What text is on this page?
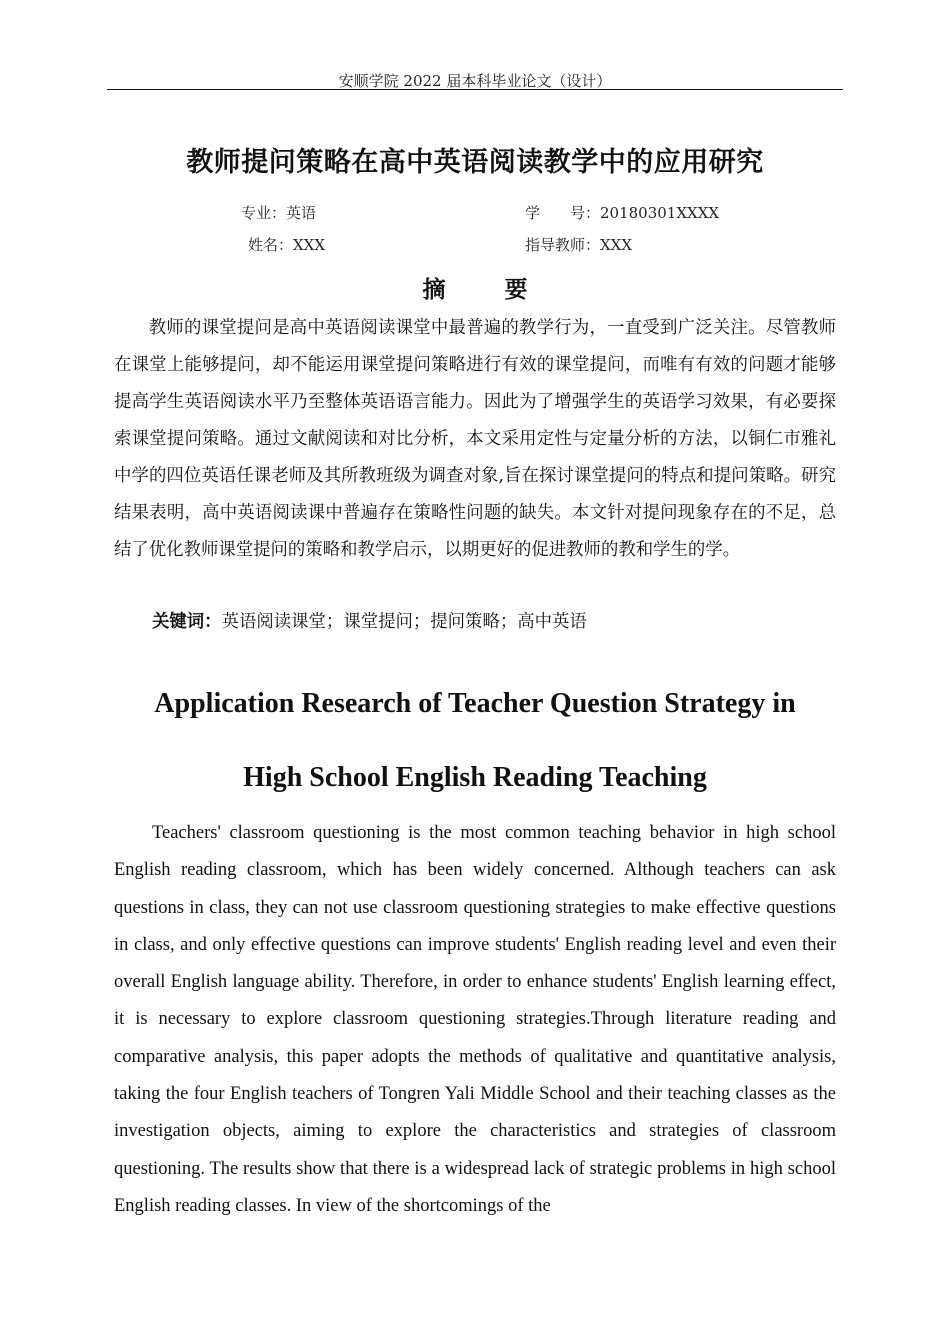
安顺学院 2022 届本科毕业论文（设计）
教师提问策略在高中英语阅读教学中的应用研究
专业：英语	学　　号：20180301XXXX
姓名：XXX	指导教师：XXX
摘　要

教师的课堂提问是高中英语阅读课堂中最普遍的教学行为，一直受到广泛关注。尽管教师在课堂上能够提问，却不能运用课堂提问策略进行有效的课堂提问，而唯有有效的问题才能够提高学生英语阅读水平乃至整体英语语言能力。因此为了增强学生的英语学习效果，有必要探索课堂提问策略。通过文献阅读和对比分析，本文采用定性与定量分析的方法，以铜仁市雅礼中学的四位英语任课老师及其所教班级为调查对象,旨在探讨课堂提问的特点和提问策略。研究结果表明，高中英语阅读课中普遍存在策略性问题的缺失。本文针对提问现象存在的不足，总结了优化教师课堂提问的策略和教学启示，以期更好的促进教师的教和学生的学。

关键词：英语阅读课堂；课堂提问；提问策略；高中英语
Application Research of Teacher Question Strategy in
High School English Reading Teaching

Teachers' classroom questioning is the most common teaching behavior in high school English reading classroom, which has been widely concerned. Although teachers can ask questions in class, they can not use classroom questioning strategies to make effective questions in class, and only effective questions can improve students' English reading level and even their overall English language ability. Therefore, in order to enhance students' English learning effect, it is necessary to explore classroom questioning strategies.Through literature reading and comparative analysis, this paper adopts the methods of qualitative and quantitative analysis, taking the four English teachers of Tongren Yali Middle School and their teaching classes as the investigation objects, aiming to explore the characteristics and strategies of classroom questioning. The results show that there is a widespread lack of strategic problems in high school English reading classes. In view of the shortcomings of the
